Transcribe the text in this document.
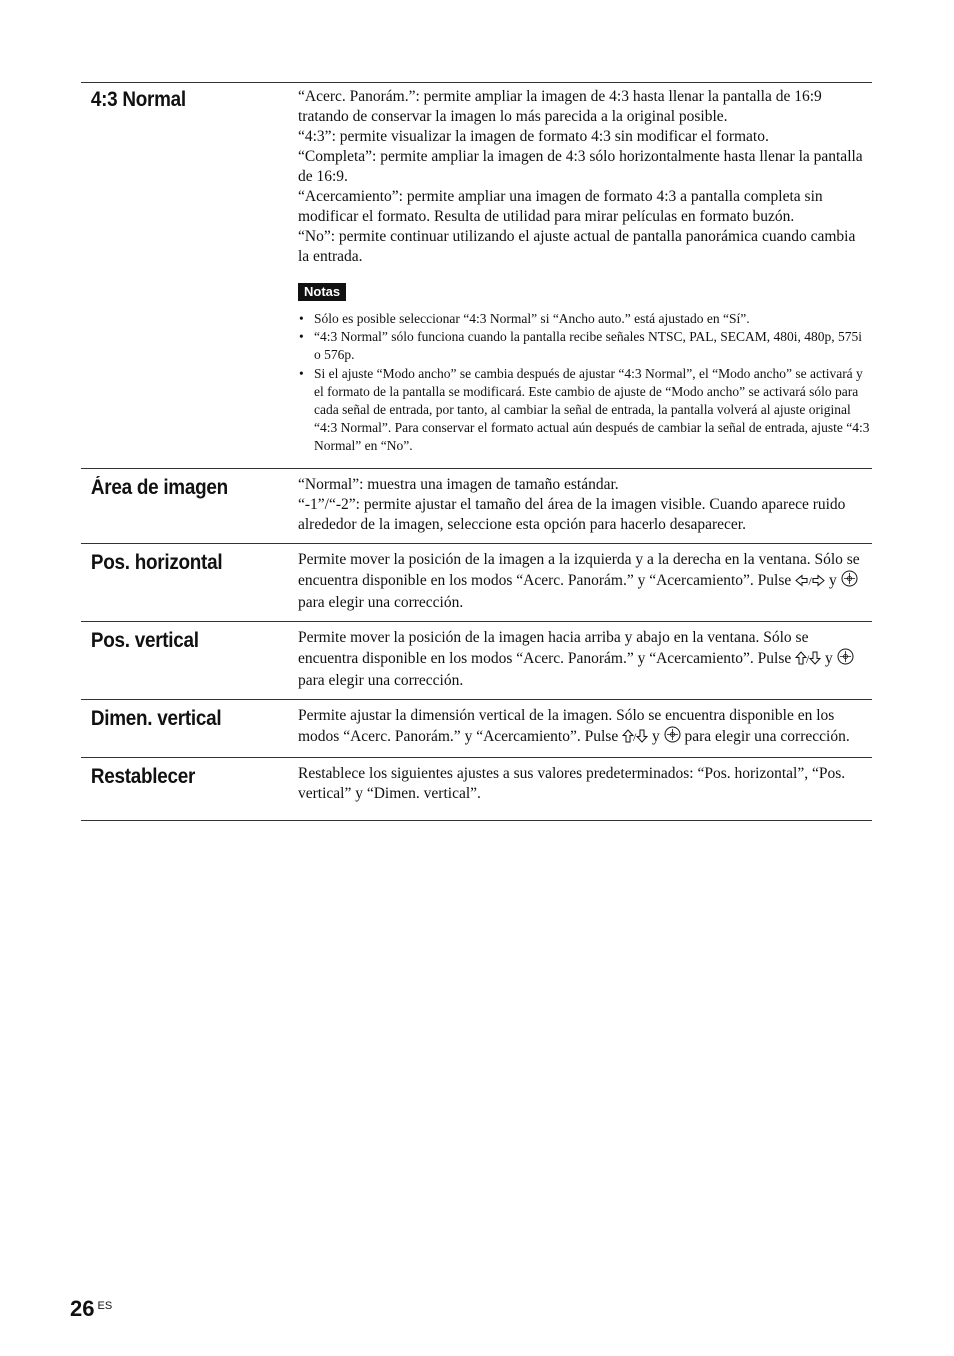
4:3 Normal	“Acerc. Panorám.”: permite ampliar la imagen de 4:3 hasta llenar la pantalla de 16:9 tratando de conservar la imagen lo más parecida a la original posible.

“4:3”: permite visualizar la imagen de formato 4:3 sin modificar el formato.

“Completa”: permite ampliar la imagen de 4:3 sólo horizontalmente hasta llenar la pantalla de 16:9.

“Acercamiento”: permite ampliar una imagen de formato 4:3 a pantalla completa sin modificar el formato. Resulta de utilidad para mirar películas en formato buzón.

“No”: permite continuar utilizando el ajuste actual de pantalla panorámica cuando cambia la entrada.

Notas
• Sólo es posible seleccionar “4:3 Normal” si “Ancho auto.” está ajustado en “Sí”.
• “4:3 Normal” sólo funciona cuando la pantalla recibe señales NTSC, PAL, SECAM, 480i, 480p, 575i o 576p.
• Si el ajuste “Modo ancho” se cambia después de ajustar “4:3 Normal”, el “Modo ancho” se activará y el formato de la pantalla se modificará. Este cambio de ajuste de “Modo ancho” se activará sólo para cada señal de entrada, por tanto, al cambiar la señal de entrada, la pantalla volverá al ajuste original “4:3 Normal”. Para conservar el formato actual aún después de cambiar la señal de entrada, ajuste “4:3 Normal” en “No”.
Área de imagen	“Normal”: muestra una imagen de tamaño estándar.

“-1”/“-2”: permite ajustar el tamaño del área de la imagen visible. Cuando aparece ruido alrededor de la imagen, seleccione esta opción para hacerlo desaparecer.

Pos. horizontal	Permite mover la posición de la imagen a la izquierda y a la derecha en la ventana. Sólo se encuentra disponible en los modos “Acerc. Panorám.” y “Acercamiento”. Pulse / y  para elegir una corrección.

Pos. vertical	Permite mover la posición de la imagen hacia arriba y abajo en la ventana. Sólo se encuentra disponible en los modos “Acerc. Panorám.” y “Acercamiento”. Pulse / y  para elegir una corrección.

Dimen. vertical	Permite ajustar la dimensión vertical de la imagen. Sólo se encuentra disponible en los modos “Acerc. Panorám.” y “Acercamiento”. Pulse / y  para elegir una corrección.

Restablecer	Restablece los siguientes ajustes a sus valores predeterminados: “Pos. horizontal”, “Pos. vertical” y “Dimen. vertical”.

26 ES
